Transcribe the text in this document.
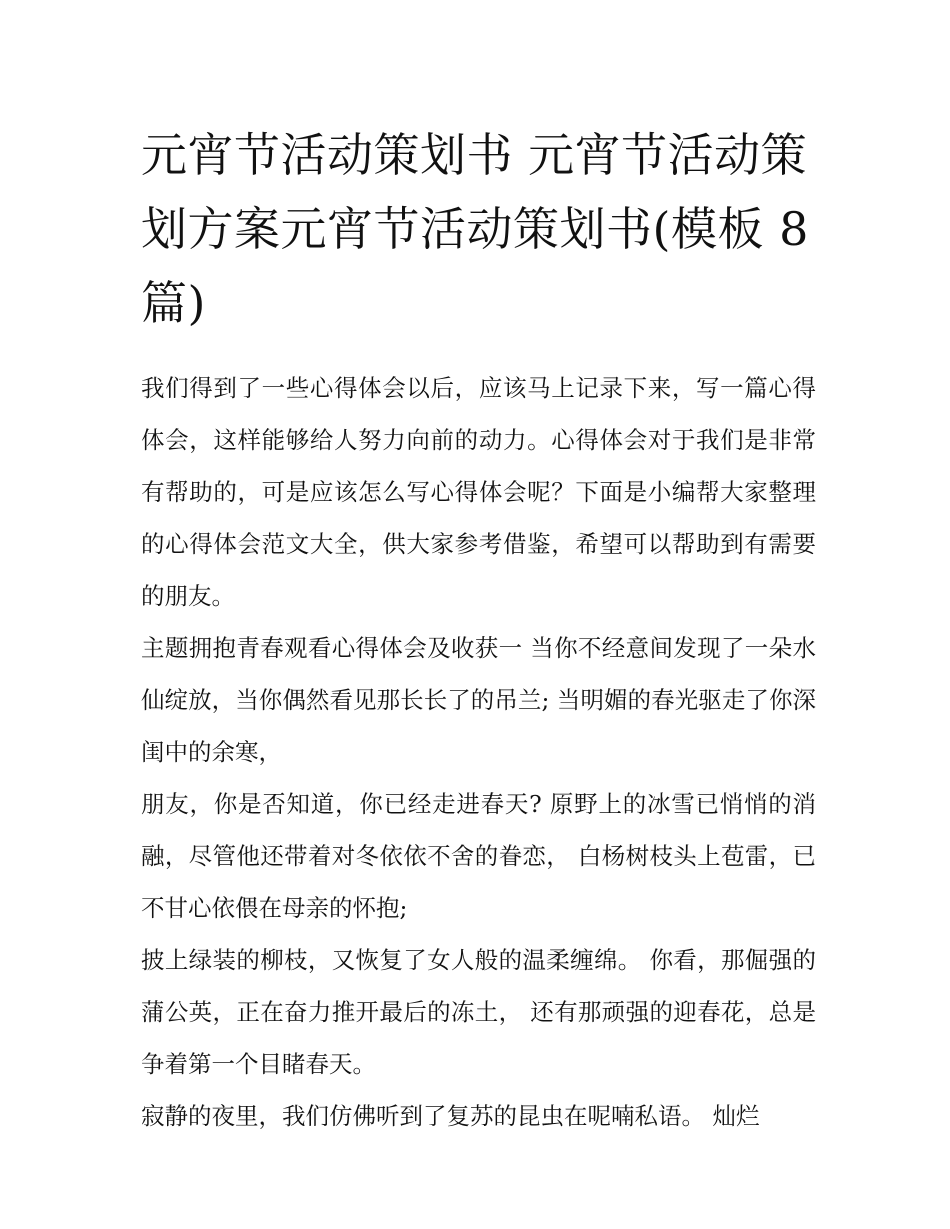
元宵节活动策划书 元宵节活动策划方案元宵节活动策划书(模板 8 篇)

我们得到了一些心得体会以后，应该马上记录下来，写一篇心得体会，这样能够给人努力向前的动力。心得体会对于我们是非常有帮助的，可是应该怎么写心得体会呢？下面是小编帮大家整理的心得体会范文大全，供大家参考借鉴，希望可以帮助到有需要的朋友。

主题拥抱青春观看心得体会及收获一 当你不经意间发现了一朵水仙绽放，当你偶然看见那长长了的吊兰; 当明媚的春光驱走了你深闺中的余寒，

朋友，你是否知道，你已经走进春天? 原野上的冰雪已悄悄的消融，尽管他还带着对冬依依不舍的眷恋， 白杨树枝头上苞雷，已不甘心依偎在母亲的怀抱;

披上绿装的柳枝，又恢复了女人般的温柔缠绵。 你看，那倔强的蒲公英，正在奋力推开最后的冻土， 还有那顽强的迎春花，总是争着第一个目睹春天。

寂静的夜里，我们仿佛听到了复苏的昆虫在呢喃私语。 灿烂
